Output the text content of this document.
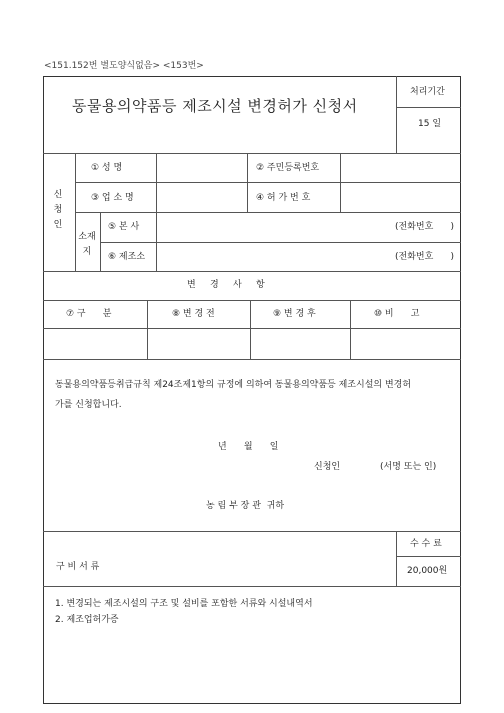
<151.152번 별도양식없음> <153번>
동물용의약품등 제조시설 변경허가 신청서
처리기간
15 일
신
청
인
① 성 명	② 주민등록번호
③ 업 소 명	④ 허 가 번 호
소재
지
⑤ 본 사	(전화번호      )
⑥ 제조소	(전화번호      )
변     경     사     항
⑦ 구      분	⑧ 변 경 전	⑨ 변 경 후	⑩ 비      고
동물용의약품등취급규칙 제24조제1항의 규정에 의하여 동물용의약품등 제조시설의 변경허
가를 신청합니다.
년      월      일
신청인	(서명 또는 인)
농 림 부 장 관  귀하
구 비 서 류
수 수 료
20,000원
1. 변경되는 제조시설의 구조 및 설비를 포함한 서류와 시설내역서
2. 제조업허가증
